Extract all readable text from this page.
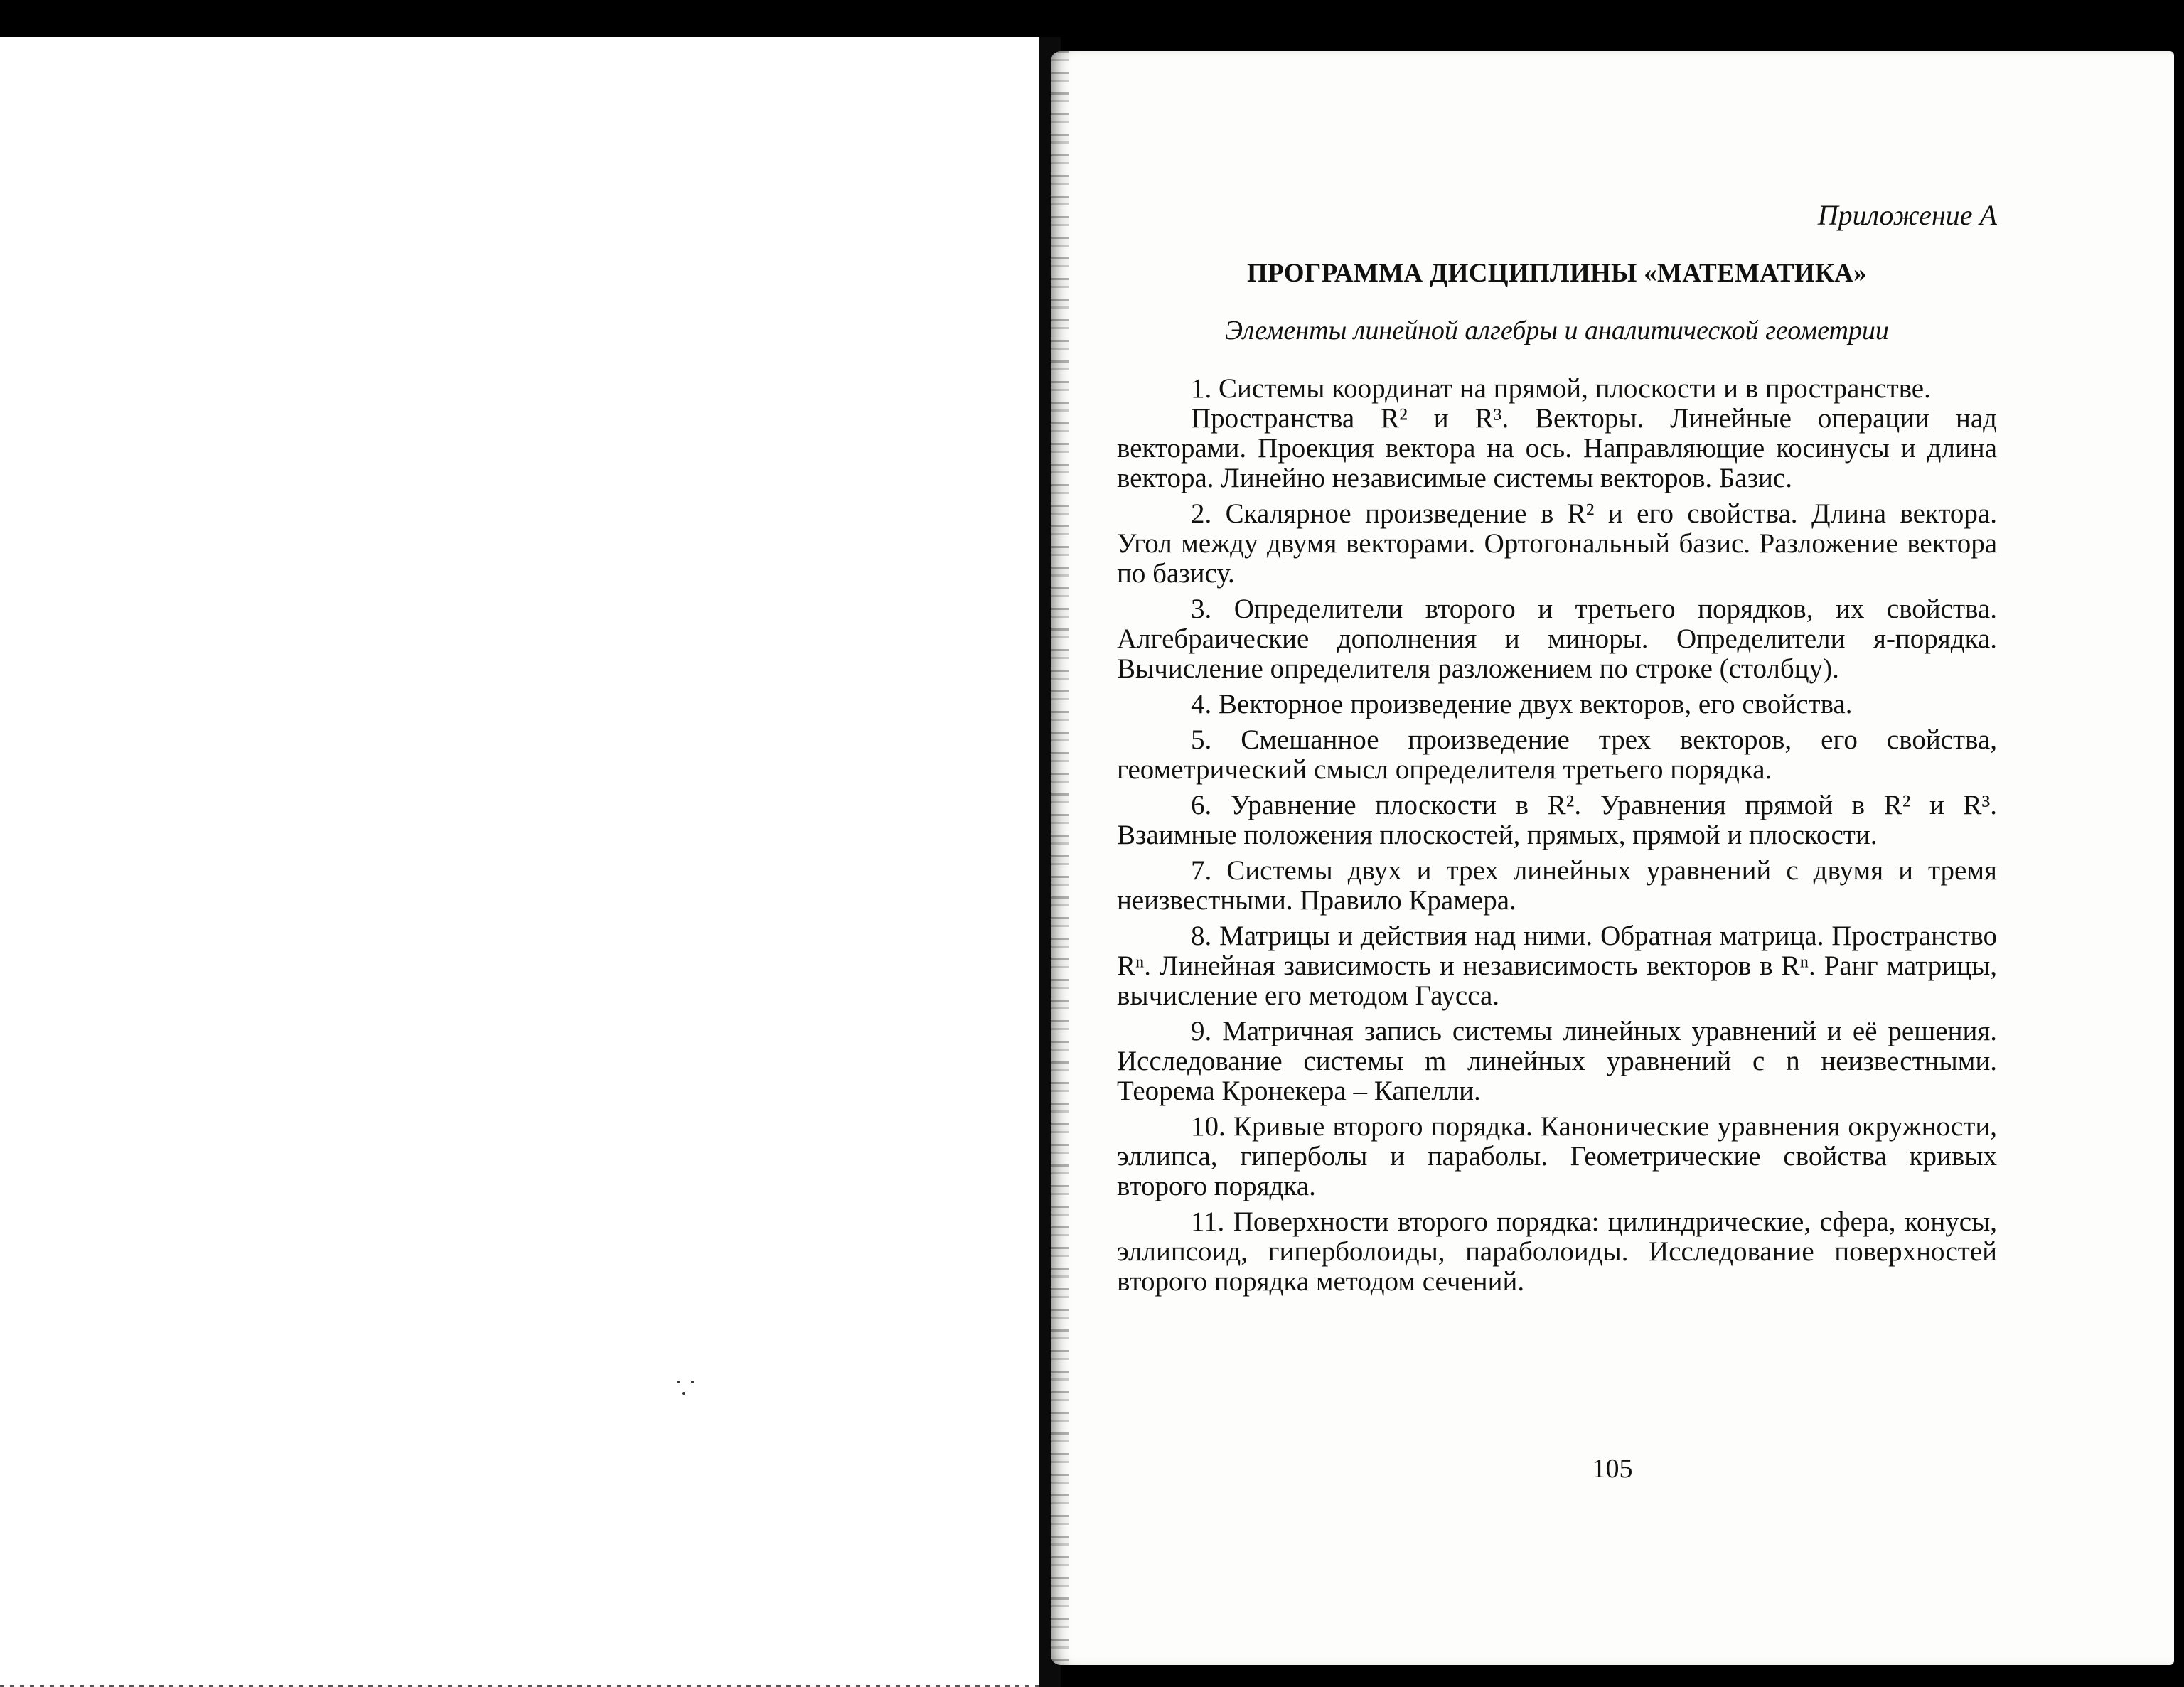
Приложение А
ПРОГРАММА ДИСЦИПЛИНЫ «МАТЕМАТИКА»
Элементы линейной алгебры и аналитической геометрии

1. Системы координат на прямой, плоскости и в пространстве.

Пространства R² и R³. Векторы. Линейные операции над векторами. Проекция вектора на ось. Направляющие косинусы и длина вектора. Линейно независимые системы векторов. Базис.

2. Скалярное произведение в R² и его свойства. Длина вектора. Угол между двумя векторами. Ортогональный базис. Разложение вектора по базису.

3. Определители второго и третьего порядков, их свойства. Алгебраические дополнения и миноры. Определители я-порядка. Вычисление определителя разложением по строке (столбцу).

4. Векторное произведение двух векторов, его свойства.

5. Смешанное произведение трех векторов, его свойства, геометрический смысл определителя третьего порядка.

6. Уравнение плоскости в R². Уравнения прямой в R² и R³. Взаимные положения плоскостей, прямых, прямой и плоскости.

7. Системы двух и трех линейных уравнений с двумя и тремя неизвестными. Правило Крамера.

8. Матрицы и действия над ними. Обратная матрица. Пространство Rⁿ. Линейная зависимость и независимость векторов в Rⁿ. Ранг матрицы, вычисление его методом Гаусса.

9. Матричная запись системы линейных уравнений и её решения. Исследование системы m линейных уравнений с n неизвестными. Теорема Кронекера – Капелли.

10. Кривые второго порядка. Канонические уравнения окружности, эллипса, гиперболы и параболы. Геометрические свойства кривых второго порядка.

11. Поверхности второго порядка: цилиндрические, сфера, конусы, эллипсоид, гиперболоиды, параболоиды. Исследование поверхностей второго порядка методом сечений.

105
